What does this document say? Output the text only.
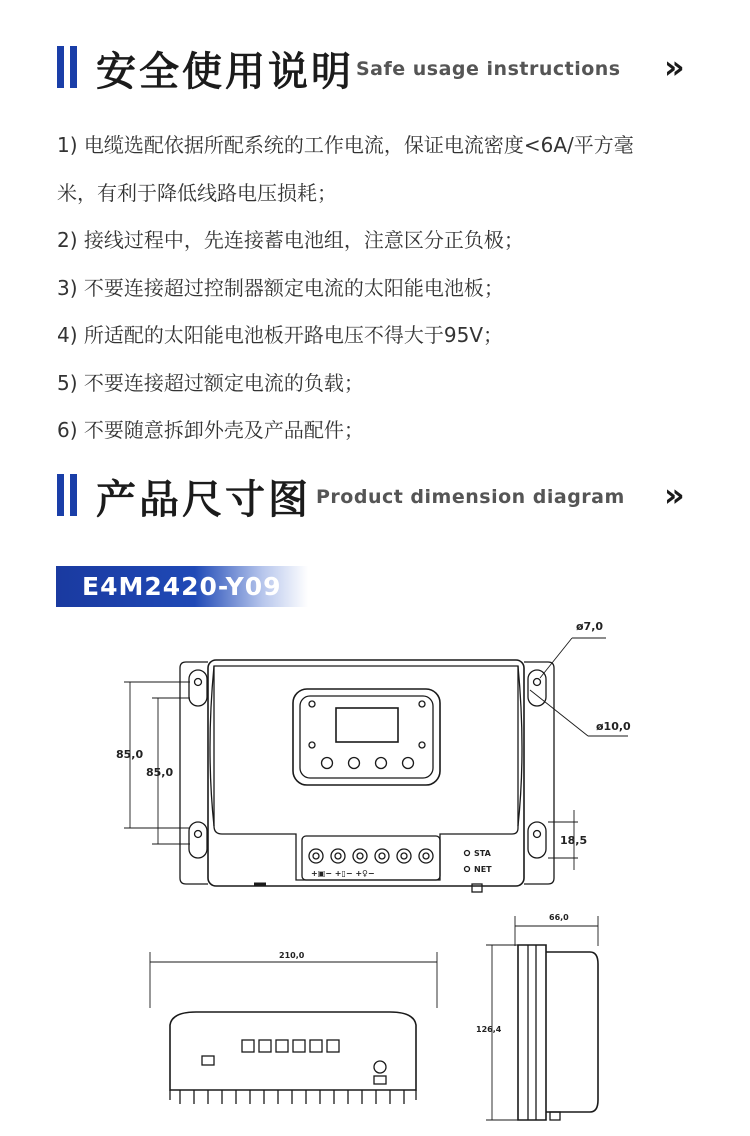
安全使用说明 Safe usage instructions »
1) 电缆选配依据所配系统的工作电流，保证电流密度<6A/平方毫
米，有利于降低线路电压损耗；
2) 接线过程中，先连接蓄电池组，注意区分正负极；
3) 不要连接超过控制器额定电流的太阳能电池板；
4) 所适配的太阳能电池板开路电压不得大于95V；
5) 不要连接超过额定电流的负载；
6) 不要随意拆卸外壳及产品配件；
产品尺寸图 Product dimension diagram »
E4M2420-Y09
+▣− +▯− +♀−
ø7,0
ø10,0
85,0
85,0
18,5
STA
NET
210,0
66,0
126,4
